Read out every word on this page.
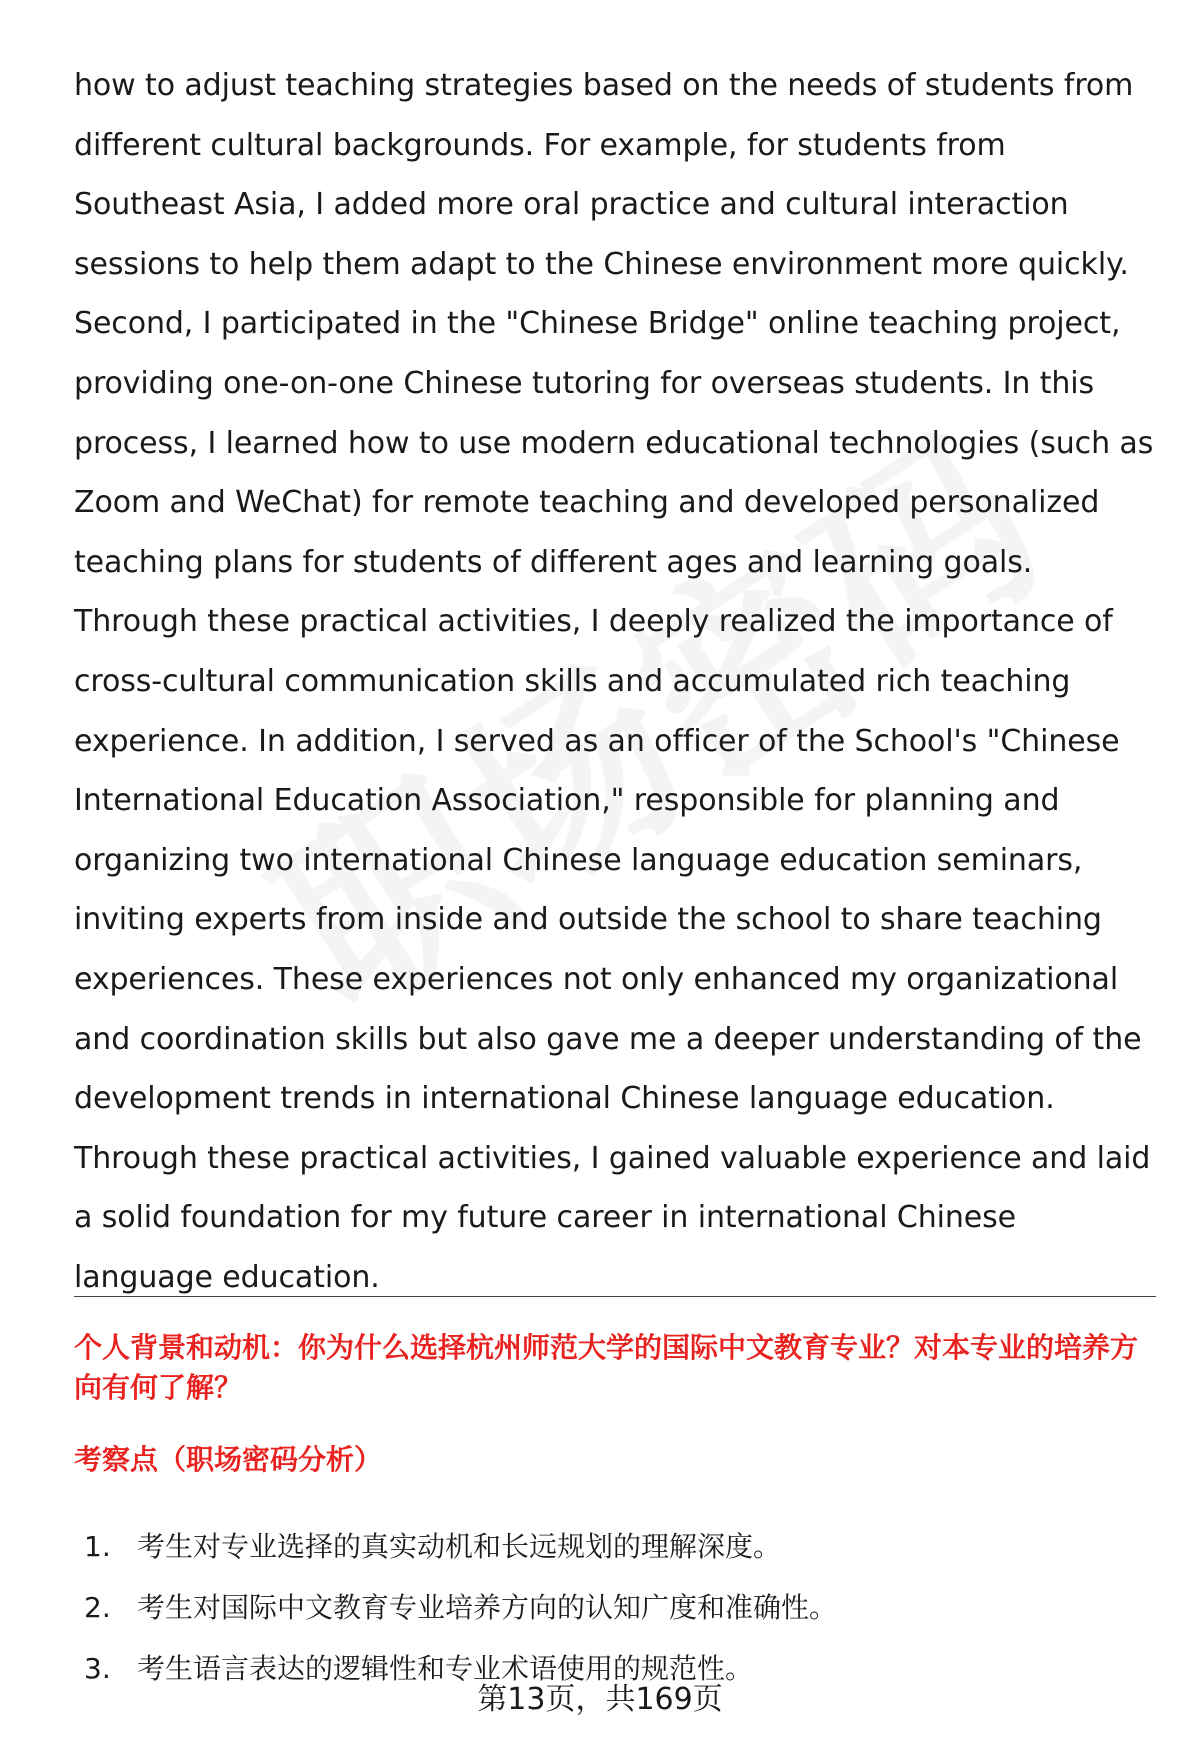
how to adjust teaching strategies based on the needs of students from different cultural backgrounds. For example, for students from Southeast Asia, I added more oral practice and cultural interaction sessions to help them adapt to the Chinese environment more quickly. Second, I participated in the "Chinese Bridge" online teaching project, providing one-on-one Chinese tutoring for overseas students. In this process, I learned how to use modern educational technologies (such as Zoom and WeChat) for remote teaching and developed personalized teaching plans for students of different ages and learning goals. Through these practical activities, I deeply realized the importance of cross-cultural communication skills and accumulated rich teaching experience. In addition, I served as an officer of the School's "Chinese International Education Association," responsible for planning and organizing two international Chinese language education seminars, inviting experts from inside and outside the school to share teaching experiences. These experiences not only enhanced my organizational and coordination skills but also gave me a deeper understanding of the development trends in international Chinese language education. Through these practical activities, I gained valuable experience and laid a solid foundation for my future career in international Chinese language education.

个人背景和动机：你为什么选择杭州师范大学的国际中文教育专业？对本专业的培养方向有何了解？

考察点（职场密码分析）

1. 考生对专业选择的真实动机和长远规划的理解深度。
2. 考生对国际中文教育专业培养方向的认知广度和准确性。
3. 考生语言表达的逻辑性和专业术语使用的规范性。
第13页，共169页
